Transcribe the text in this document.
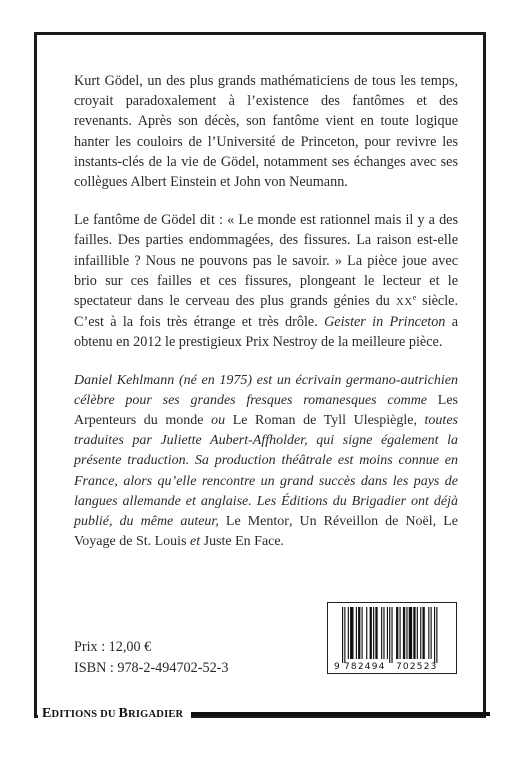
Kurt Gödel, un des plus grands mathématiciens de tous les temps, croyait paradoxalement à l’existence des fantômes et des revenants. Après son décès, son fantôme vient en toute logique hanter les couloirs de l’Université de Princeton, pour revivre les instants-clés de la vie de Gödel, notamment ses échanges avec ses collègues Albert Einstein et John von Neumann.

Le fantôme de Gödel dit : « Le monde est rationnel mais il y a des failles. Des parties endommagées, des fissures. La raison est-elle infaillible ? Nous ne pouvons pas le savoir. » La pièce joue avec brio sur ces failles et ces fissures, plongeant le lecteur et le spectateur dans le cerveau des plus grands génies du XXe siècle. C’est à la fois très étrange et très drôle. Geister in Princeton a obtenu en 2012 le prestigieux Prix Nestroy de la meilleure pièce.

Daniel Kehlmann (né en 1975) est un écrivain germano-autrichien célèbre pour ses grandes fresques romanesques comme Les Arpenteurs du monde ou Le Roman de Tyll Ulespiègle, toutes traduites par Juliette Aubert-Affholder, qui signe également la présente traduction. Sa production théâtrale est moins connue en France, alors qu’elle rencontre un grand succès dans les pays de langues allemande et anglaise. Les Éditions du Brigadier ont déjà publié, du même auteur, Le Mentor, Un Réveillon de Noël, Le Voyage de St. Louis et Juste En Face.

Prix : 12,00 €
ISBN : 978-2-494702-52-3	9 782494 702523
EDITIONS DU BRIGADIER
